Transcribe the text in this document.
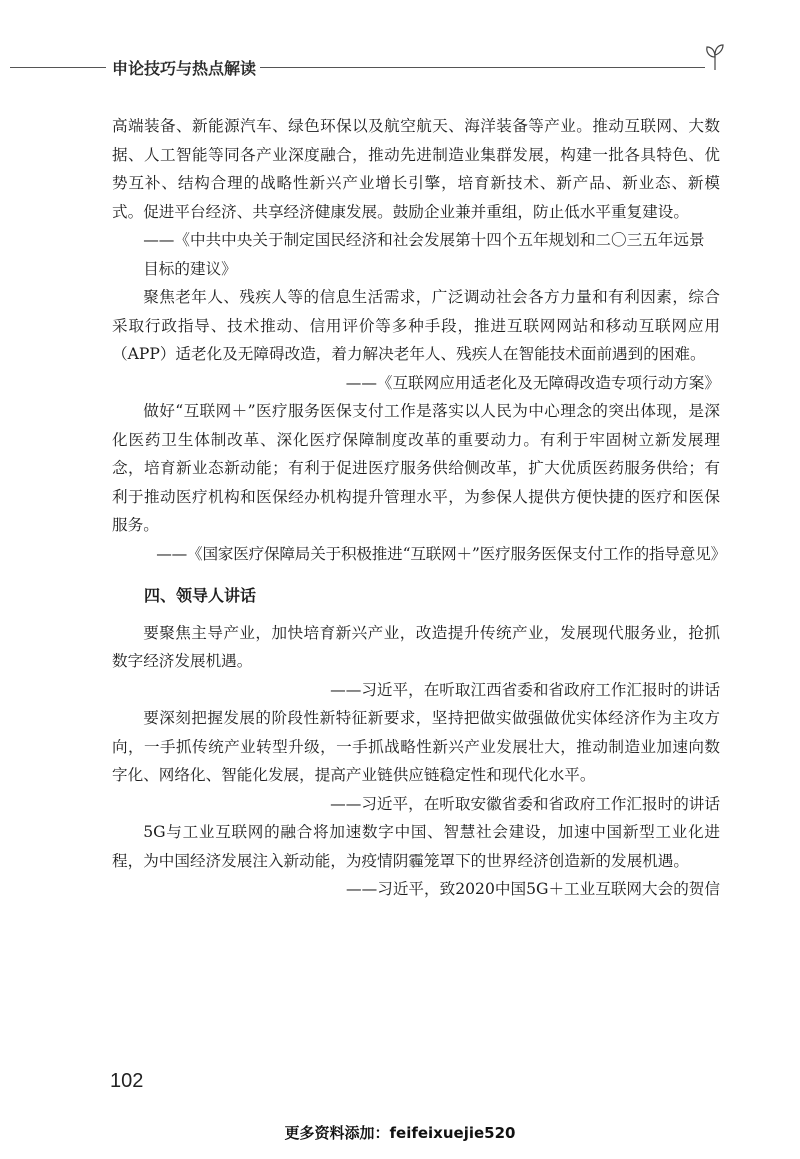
申论技巧与热点解读

高端装备、新能源汽车、绿色环保以及航空航天、海洋装备等产业。推动互联网、大数据、人工智能等同各产业深度融合，推动先进制造业集群发展，构建一批各具特色、优势互补、结构合理的战略性新兴产业增长引擎，培育新技术、新产品、新业态、新模式。促进平台经济、共享经济健康发展。鼓励企业兼并重组，防止低水平重复建设。

——《中共中央关于制定国民经济和社会发展第十四个五年规划和二〇三五年远景目标的建议》

聚焦老年人、残疾人等的信息生活需求，广泛调动社会各方力量和有利因素，综合采取行政指导、技术推动、信用评价等多种手段，推进互联网网站和移动互联网应用（APP）适老化及无障碍改造，着力解决老年人、残疾人在智能技术面前遇到的困难。

——《互联网应用适老化及无障碍改造专项行动方案》

做好“互联网＋”医疗服务医保支付工作是落实以人民为中心理念的突出体现，是深化医药卫生体制改革、深化医疗保障制度改革的重要动力。有利于牢固树立新发展理念，培育新业态新动能；有利于促进医疗服务供给侧改革，扩大优质医药服务供给；有利于推动医疗机构和医保经办机构提升管理水平，为参保人提供方便快捷的医疗和医保服务。

——《国家医疗保障局关于积极推进“互联网＋”医疗服务医保支付工作的指导意见》

四、领导人讲话

要聚焦主导产业，加快培育新兴产业，改造提升传统产业，发展现代服务业，抢抓数字经济发展机遇。

——习近平，在听取江西省委和省政府工作汇报时的讲话

要深刻把握发展的阶段性新特征新要求，坚持把做实做强做优实体经济作为主攻方向，一手抓传统产业转型升级，一手抓战略性新兴产业发展壮大，推动制造业加速向数字化、网络化、智能化发展，提高产业链供应链稳定性和现代化水平。

——习近平，在听取安徽省委和省政府工作汇报时的讲话

5G与工业互联网的融合将加速数字中国、智慧社会建设，加速中国新型工业化进程，为中国经济发展注入新动能，为疫情阴霾笼罩下的世界经济创造新的发展机遇。

——习近平，致2020中国5G＋工业互联网大会的贺信

102
更多资料添加：feifeixuejie520
